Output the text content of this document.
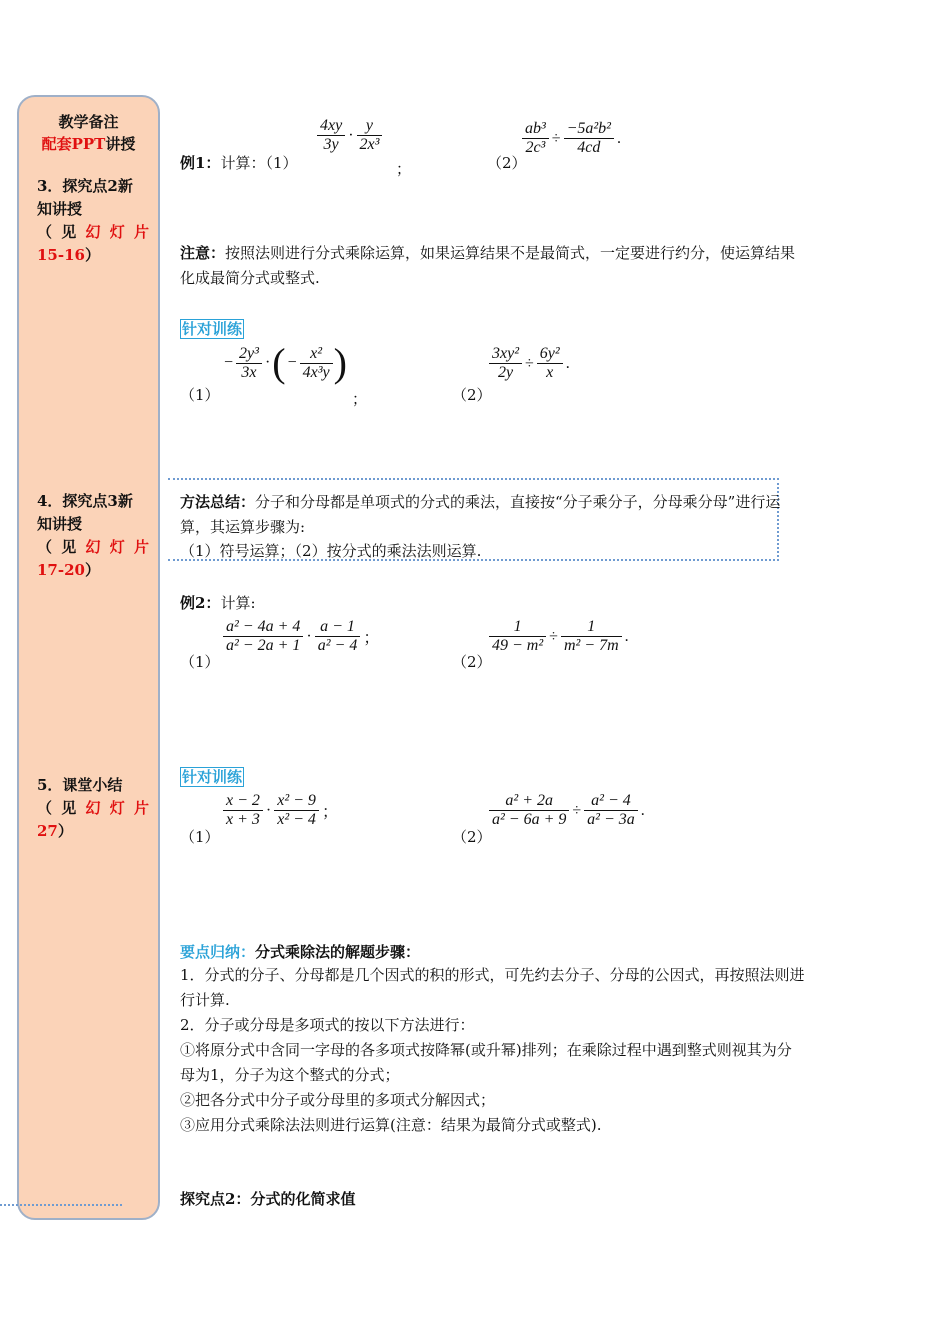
教学备注
配套PPT讲授
3．探究点2新
知讲授
（见幻灯片
15-16）
4．探究点3新
知讲授
（见幻灯片
17-20）
5．课堂小结
（见幻灯片
27）
例1：计算：（1）
$\frac{4xy}{3y} \cdot \frac{y}{\text{2x³}}$
；	（2）
$\frac{\text{ab³}}{\text{2c³}} \div \frac{\text{−5a²b²}}{4cd}$ .
注意：按照法则进行分式乘除运算，如果运算结果不是最简式，一定要进行约分，使运算结果化成最简分式或整式.
针对训练
（1）
− $\frac{\text{2y³}}{3x}$ ·( − $\frac{\text{x²}}{\text{4x³y}}$ )
；	（2）
$\frac{\text{3xy²}}{2y} \div \frac{\text{6y²}}{x}$ .
方法总结：分子和分母都是单项式的分式的乘法，直接按“分子乘分子，分母乘分母”进行运算，其运算步骤为:
（1）符号运算；（2）按分式的乘法法则运算.
例2：计算:
（1）
$\frac{\text{a² − 4a + 4}}{\text{a² − 2a + 1}} \cdot \frac{a - 1}{\text{a² − 4}}$ ；
（2）
$\frac{1}{\text{49 − m²}} \div \frac{1}{\text{m² − 7m}}$ .
针对训练
（1）
$\frac{x - 2}{x + 3} \cdot \frac{\text{x² − 9}}{\text{x² − 4}}$ ；
（2）
$\frac{\text{a² + 2a}}{\text{a² − 6a + 9}} \div \frac{\text{a² − 4}}{\text{a² − 3a}}$ .
要点归纳：分式乘除法的解题步骤：
1．分式的分子、分母都是几个因式的积的形式，可先约去分子、分母的公因式，再按照法则进行计算.
2．分子或分母是多项式的按以下方法进行：
①将原分式中含同一字母的各多项式按降幂(或升幂)排列；在乘除过程中遇到整式则视其为分母为1，分子为这个整式的分式；
②把各分式中分子或分母里的多项式分解因式；
③应用分式乘除法法则进行运算(注意：结果为最简分式或整式).
探究点2：分式的化简求值
